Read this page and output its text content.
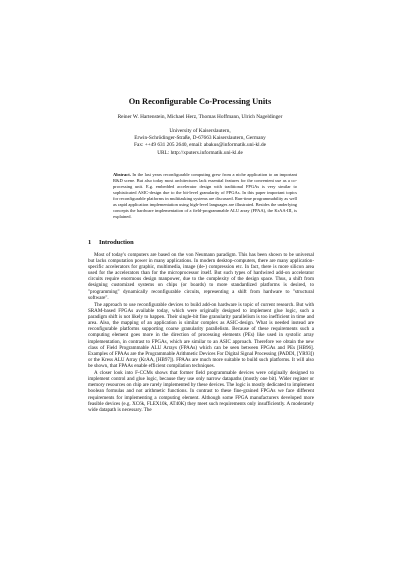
On Reconfigurable Co-Processing Units
Reiner W. Hartenstein, Michael Herz, Thomas Hoffmann, Ulrich Nageldinger
University of Kaiserslautern,
Erwin-Schrödinger-Straße, D-67663 Kaiserslautern, Germany
Fax: ++49 631 205 2640, email: abakus@informatik.uni-kl.de
URL: http://xputers.informatik.uni-kl.de

Abstract. In the last years reconfigurable computing grew from a niche application to an important R&D scene. But also today most architectures lack essential features for the convenient use as a co-processing unit. E.g. embedded accelerator design with traditional FPGAs is very similar to sophisticated ASIC-design due to the bit-level granularity of FPGAs. In this paper important topics for reconfigurable platforms in multitasking systems are discussed. Run-time programmability as well as rapid application implementation using high-level languages are illustrated. Besides the underlying concepts the hardware implementation of a field-programmable ALU array (FPAA), the KrAA-III, is explained.

1 Introduction

Most of today's computers are based on the von Neumann paradigm. This has been shown to be universal but lacks computation power in many applications. In modern desktop-computers, there are many application-specific accelerators for graphic, multimedia, image (de-) compression etc. In fact, there is more silicon area used for the accelerators than for the microprocessor itself. But such types of hardwired add-on accelerator circuits require enormous design manpower, due to the complexity of the design space. Thus, a shift from designing customized systems on chips (or boards) to more standardized platforms is desired, to "programming" dynamically reconfigurable circuits, representing a shift from hardware to "structural software".

The approach to use reconfigurable devices to build add-on hardware is topic of current research. But with SRAM-based FPGAs available today, which were originally designed to implement glue logic, such a paradigm shift is not likely to happen. Their single-bit fine granularity parallelism is too inefficient in time and area. Also, the mapping of an application is similar complex as ASIC-design. What is needed instead are reconfigurable platforms supporting coarse granularity parallelism. Because of these requirements such a computing element goes more in the direction of processing elements (PEs) like used in systolic array implementation, in contrast to FPGAs, which are similar to an ASIC approach. Therefore we obtain the new class of Field Programmable ALU Arrays (FPAAs) which can be seen between FPGAs and PEs [HB96]. Examples of FPAAs are the Programmable Arithmetic Devices For Digital Signal Processing (PADDI, [YR93]) or the Kress ALU Array (KrAA, [HB97]). FPAAs are much more suitable to build such platforms. It will also be shown, that FPAAs enable efficient compilation techniques.

A closer look into F-CCMs shows that former field programmable devices were originally designed to implement control and glue logic, because they use only narrow datapaths (mostly one bit). Wider register or memory resources on chip are rarely implemented by these devices. The logic is mostly dedicated to implement boolean formulas and not arithmetic functions. In contrast to these fine-grained FPGAs we face different requirements for implementing a computing element. Although some FPGA manufacturers developed more feasible devices (e.g. XC6k, FLEX10k, AT40K) they meet such requirements only insufficiently. A moderately wide datapath is necessary. The
